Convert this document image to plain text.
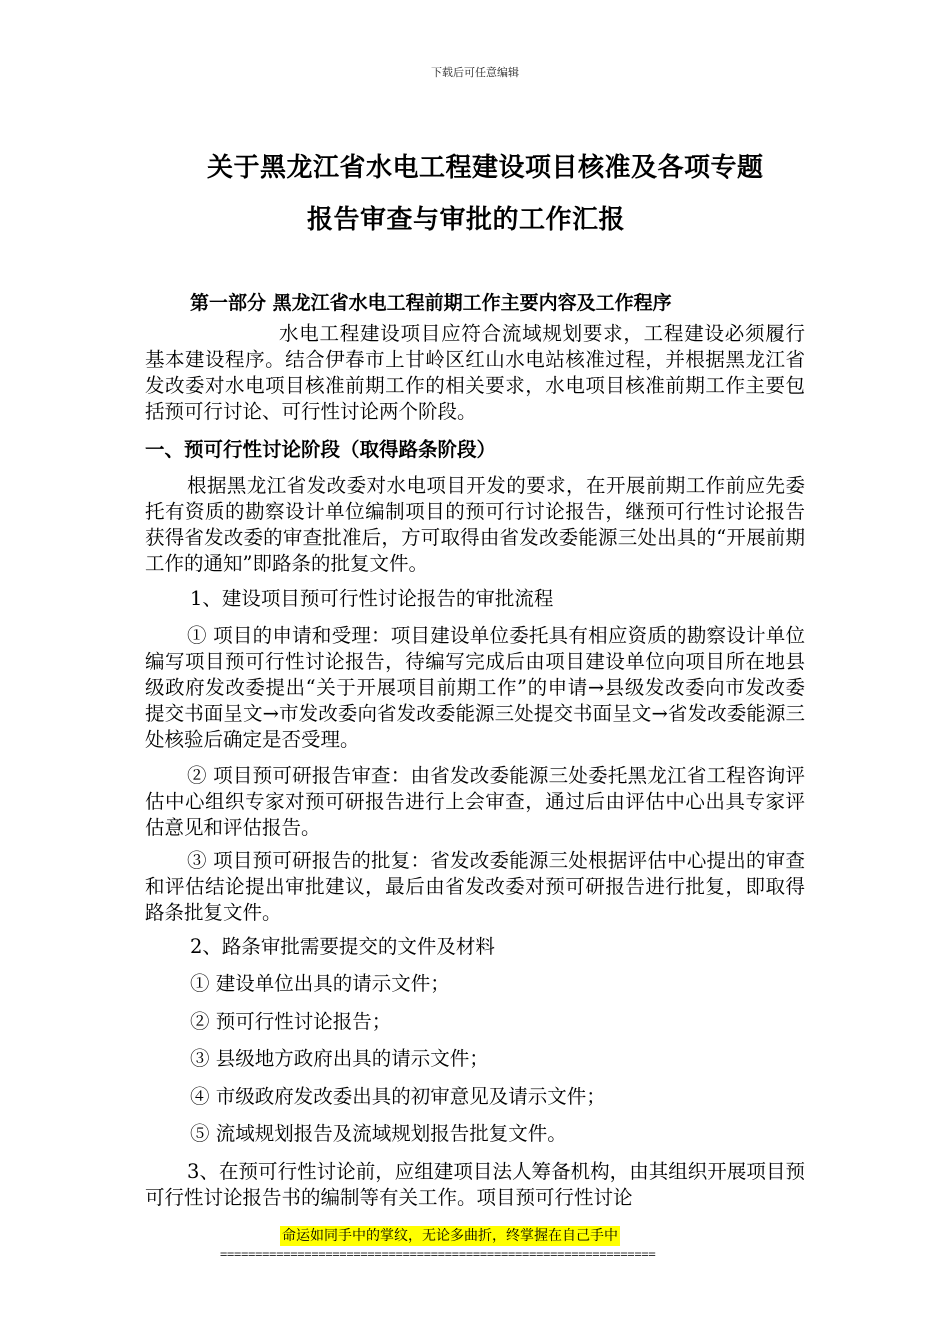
下载后可任意编辑
关于黑龙江省水电工程建设项目核准及各项专题
报告审查与审批的工作汇报
第一部分 黑龙江省水电工程前期工作主要内容及工作程序
水电工程建设项目应符合流域规划要求，工程建设必须履行基本建设程序。结合伊春市上甘岭区红山水电站核准过程，并根据黑龙江省发改委对水电项目核准前期工作的相关要求，水电项目核准前期工作主要包括预可行讨论、可行性讨论两个阶段。
一、预可行性讨论阶段（取得路条阶段）
根据黑龙江省发改委对水电项目开发的要求，在开展前期工作前应先委托有资质的勘察设计单位编制项目的预可行讨论报告，继预可行性讨论报告获得省发改委的审查批准后，方可取得由省发改委能源三处出具的“开展前期工作的通知”即路条的批复文件。
1、建设项目预可行性讨论报告的审批流程
① 项目的申请和受理：项目建设单位委托具有相应资质的勘察设计单位编写项目预可行性讨论报告，待编写完成后由项目建设单位向项目所在地县级政府发改委提出“关于开展项目前期工作”的申请→县级发改委向市发改委提交书面呈文→市发改委向省发改委能源三处提交书面呈文→省发改委能源三处核验后确定是否受理。
② 项目预可研报告审查：由省发改委能源三处委托黑龙江省工程咨询评估中心组织专家对预可研报告进行上会审查，通过后由评估中心出具专家评估意见和评估报告。
③ 项目预可研报告的批复：省发改委能源三处根据评估中心提出的审查和评估结论提出审批建议，最后由省发改委对预可研报告进行批复，即取得路条批复文件。
2、路条审批需要提交的文件及材料
① 建设单位出具的请示文件；
② 预可行性讨论报告；
③ 县级地方政府出具的请示文件；
④ 市级政府发改委出具的初审意见及请示文件；
⑤ 流域规划报告及流域规划报告批复文件。
3、在预可行性讨论前，应组建项目法人筹备机构，由其组织开展项目预可行性讨论报告书的编制等有关工作。项目预可行性讨论
命运如同手中的掌纹，无论多曲折，终掌握在自己手中
==============================================================
